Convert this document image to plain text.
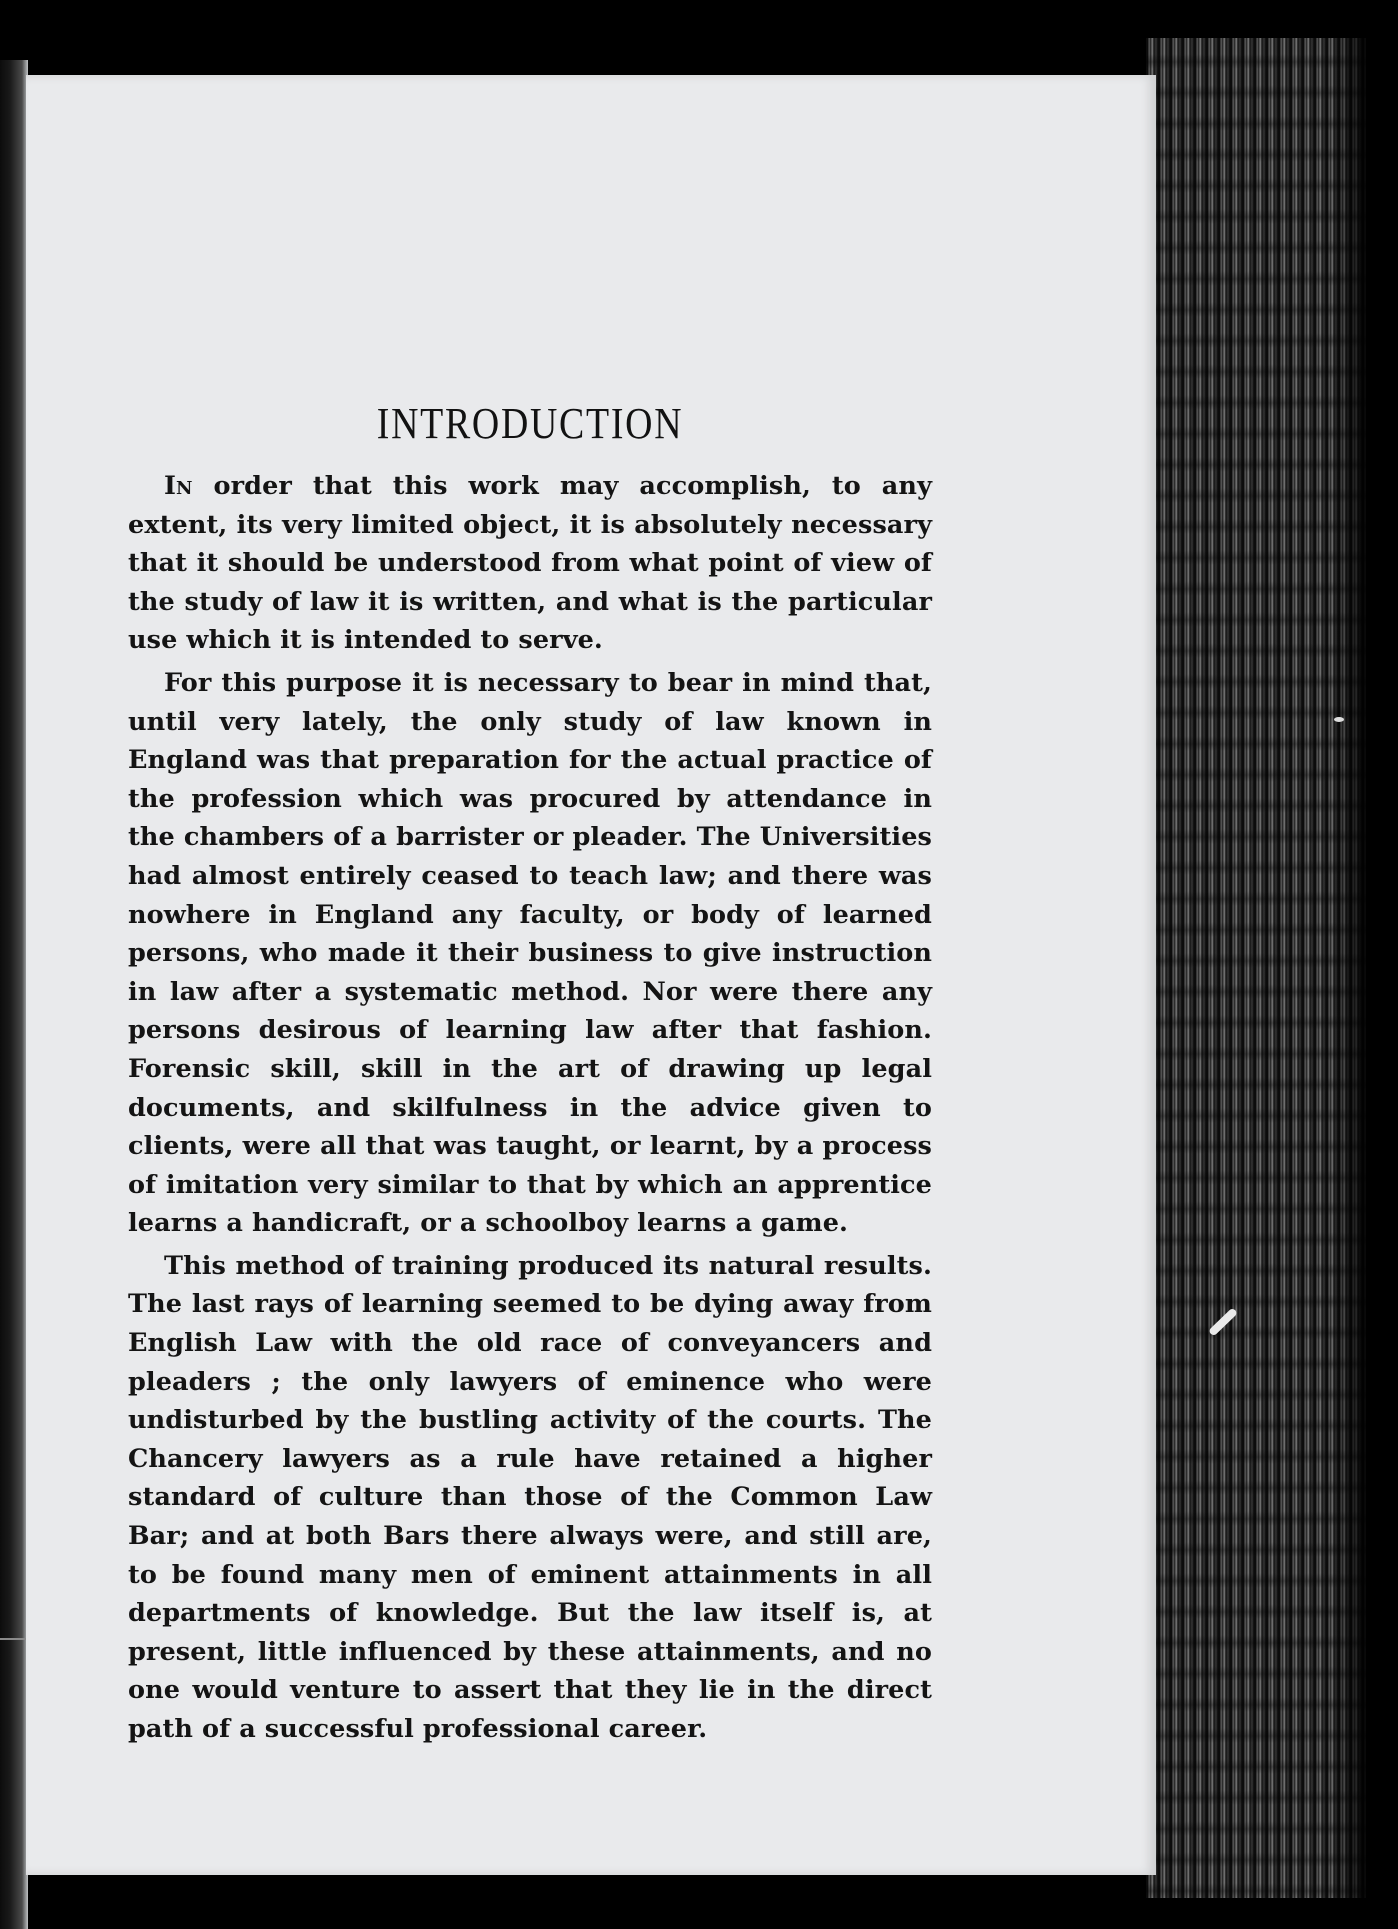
INTRODUCTION

In order that this work may accomplish, to any extent, its very limited object, it is absolutely necessary that it should be understood from what point of view of the study of law it is written, and what is the particular use which it is intended to serve.

For this purpose it is necessary to bear in mind that, until very lately, the only study of law known in England was that preparation for the actual practice of the profession which was procured by attendance in the chambers of a barrister or pleader. The Universities had almost entirely ceased to teach law; and there was nowhere in England any faculty, or body of learned persons, who made it their business to give instruction in law after a systematic method. Nor were there any persons desirous of learning law after that fashion. Forensic skill, skill in the art of drawing up legal documents, and skilfulness in the advice given to clients, were all that was taught, or learnt, by a process of imitation very similar to that by which an apprentice learns a handicraft, or a schoolboy learns a game.

This method of training produced its natural results. The last rays of learning seemed to be dying away from English Law with the old race of conveyancers and pleaders ; the only lawyers of eminence who were undisturbed by the bustling activity of the courts. The Chancery lawyers as a rule have retained a higher standard of culture than those of the Common Law Bar; and at both Bars there always were, and still are, to be found many men of eminent attainments in all departments of knowledge. But the law itself is, at present, little influenced by these attainments, and no one would venture to assert that they lie in the direct path of a successful professional career.
